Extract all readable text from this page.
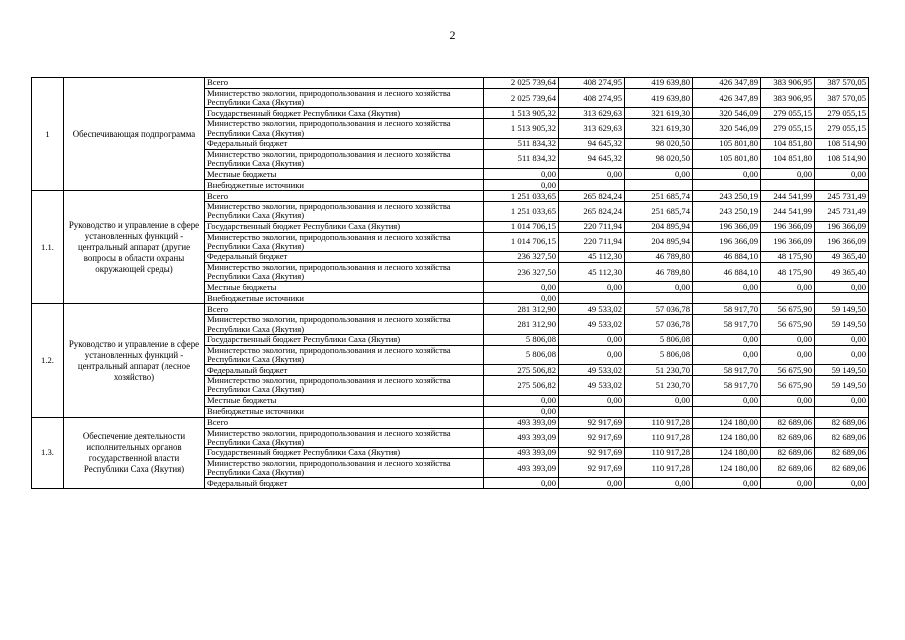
2
1	Обеспечивающая подпрограмма	Всего	2 025 739,64	408 274,95	419 639,80	426 347,89	383 906,95	387 570,05
		Министерство экологии, природопользования и лесного хозяйства Республики Саха (Якутия)	2 025 739,64	408 274,95	419 639,80	426 347,89	383 906,95	387 570,05
		Государственный бюджет Республики Саха (Якутия)	1 513 905,32	313 629,63	321 619,30	320 546,09	279 055,15	279 055,15
		Министерство экологии, природопользования и лесного хозяйства Республики Саха (Якутия)	1 513 905,32	313 629,63	321 619,30	320 546,09	279 055,15	279 055,15
		Федеральный бюджет	511 834,32	94 645,32	98 020,50	105 801,80	104 851,80	108 514,90
		Министерство экологии, природопользования и лесного хозяйства Республики Саха (Якутия)	511 834,32	94 645,32	98 020,50	105 801,80	104 851,80	108 514,90
		Местные бюджеты	0,00	0,00	0,00	0,00	0,00	0,00
		Внебюджетные источники	0,00					
1.1.	Руководство и управление в сфере установленных функций - центральный аппарат (другие вопросы в области охраны окружающей среды)	Всего	1 251 033,65	265 824,24	251 685,74	243 250,19	244 541,99	245 731,49
		Министерство экологии, природопользования и лесного хозяйства Республики Саха (Якутия)	1 251 033,65	265 824,24	251 685,74	243 250,19	244 541,99	245 731,49
		Государственный бюджет Республики Саха (Якутия)	1 014 706,15	220 711,94	204 895,94	196 366,09	196 366,09	196 366,09
		Министерство экологии, природопользования и лесного хозяйства Республики Саха (Якутия)	1 014 706,15	220 711,94	204 895,94	196 366,09	196 366,09	196 366,09
		Федеральный бюджет	236 327,50	45 112,30	46 789,80	46 884,10	48 175,90	49 365,40
		Министерство экологии, природопользования и лесного хозяйства Республики Саха (Якутия)	236 327,50	45 112,30	46 789,80	46 884,10	48 175,90	49 365,40
		Местные бюджеты	0,00	0,00	0,00	0,00	0,00	0,00
		Внебюджетные источники	0,00					
1.2.	Руководство и управление в сфере установленных функций - центральный аппарат (лесное хозяйство)	Всего	281 312,90	49 533,02	57 036,78	58 917,70	56 675,90	59 149,50
		Министерство экологии, природопользования и лесного хозяйства Республики Саха (Якутия)	281 312,90	49 533,02	57 036,78	58 917,70	56 675,90	59 149,50
		Государственный бюджет Республики Саха (Якутия)	5 806,08	0,00	5 806,08	0,00	0,00	0,00
		Министерство экологии, природопользования и лесного хозяйства Республики Саха (Якутия)	5 806,08	0,00	5 806,08	0,00	0,00	0,00
		Федеральный бюджет	275 506,82	49 533,02	51 230,70	58 917,70	56 675,90	59 149,50
		Министерство экологии, природопользования и лесного хозяйства Республики Саха (Якутия)	275 506,82	49 533,02	51 230,70	58 917,70	56 675,90	59 149,50
		Местные бюджеты	0,00	0,00	0,00	0,00	0,00	0,00
		Внебюджетные источники	0,00					
1.3.	Обеспечение деятельности исполнительных органов государственной власти Республики Саха (Якутия)	Всего	493 393,09	92 917,69	110 917,28	124 180,00	82 689,06	82 689,06
		Министерство экологии, природопользования и лесного хозяйства Республики Саха (Якутия)	493 393,09	92 917,69	110 917,28	124 180,00	82 689,06	82 689,06
		Государственный бюджет Республики Саха (Якутия)	493 393,09	92 917,69	110 917,28	124 180,00	82 689,06	82 689,06
		Министерство экологии, природопользования и лесного хозяйства Республики Саха (Якутия)	493 393,09	92 917,69	110 917,28	124 180,00	82 689,06	82 689,06
		Федеральный бюджет	0,00	0,00	0,00	0,00	0,00	0,00
